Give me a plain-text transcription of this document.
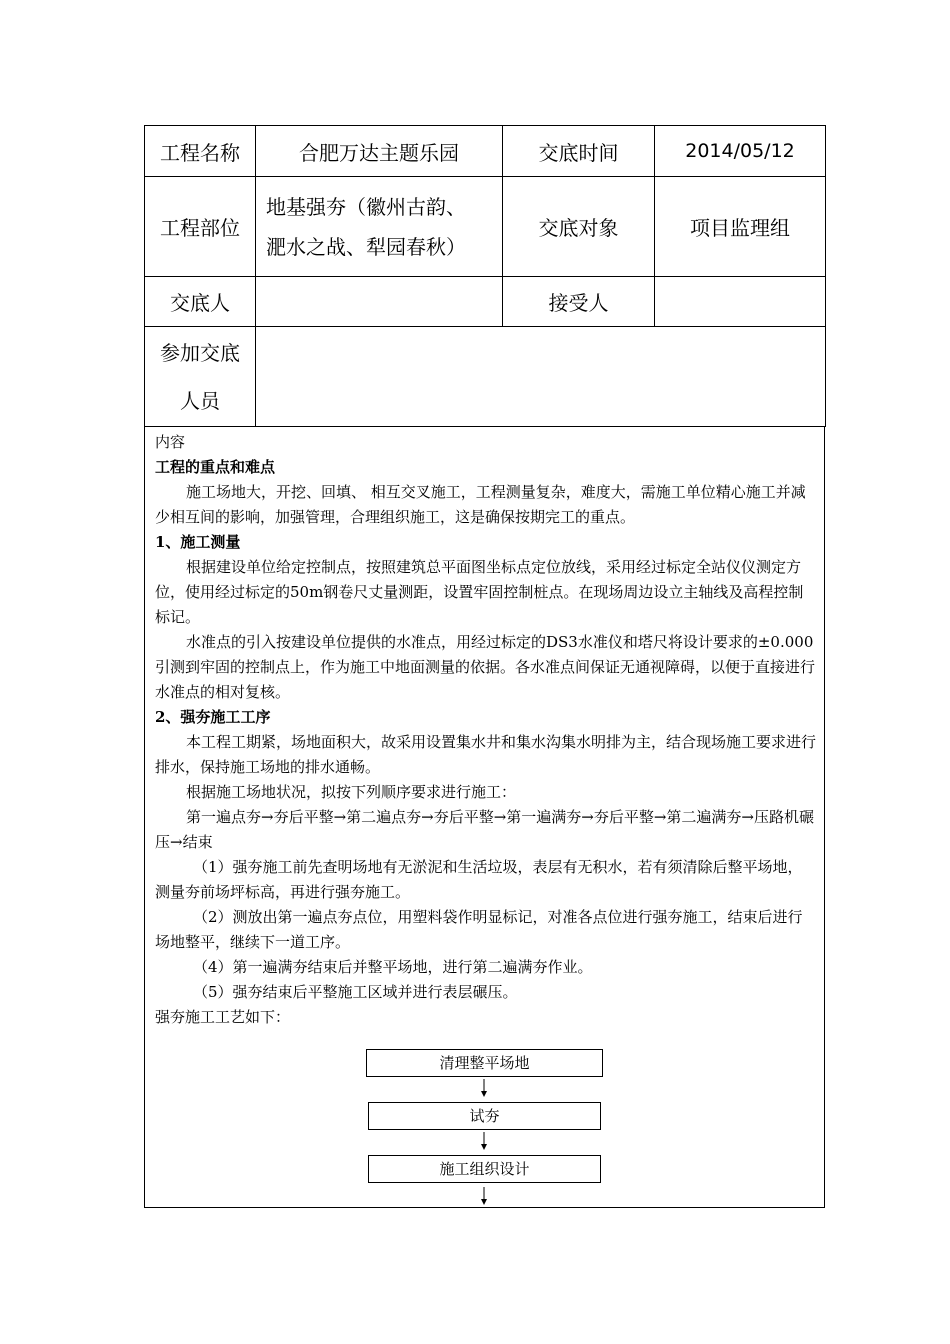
工程名称	合肥万达主题乐园	交底时间	2014/05/12
工程部位	地基强夯（徽州古韵、
淝水之战、犁园春秋）	交底对象	项目监理组
交底人		接受人	

参加交底
人员			

内容

工程的重点和难点

施工场地大，开挖、回填、 相互交叉施工，工程测量复杂，难度大，需施工单位精心施工并减少相互间的影响，加强管理，合理组织施工，这是确保按期完工的重点。

1、施工测量

根据建设单位给定控制点，按照建筑总平面图坐标点定位放线，采用经过标定全站仪仪测定方位，使用经过标定的50m钢卷尺丈量测距，设置牢固控制桩点。在现场周边设立主轴线及高程控制标记。

水准点的引入按建设单位提供的水准点，用经过标定的DS3水准仪和塔尺将设计要求的±0.000引测到牢固的控制点上，作为施工中地面测量的依据。各水准点间保证无通视障碍，以便于直接进行水准点的相对复核。

2、强夯施工工序

本工程工期紧，场地面积大，故采用设置集水井和集水沟集水明排为主，结合现场施工要求进行排水，保持施工场地的排水通畅。

根据施工场地状况，拟按下列顺序要求进行施工：

第一遍点夯→夯后平整→第二遍点夯→夯后平整→第一遍满夯→夯后平整→第二遍满夯→压路机碾压→结束

（1）强夯施工前先查明场地有无淤泥和生活垃圾，表层有无积水，若有须清除后整平场地，测量夯前场坪标高，再进行强夯施工。

（2）测放出第一遍点夯点位，用塑料袋作明显标记，对准各点位进行强夯施工，结束后进行场地整平，继续下一道工序。

（4）第一遍满夯结束后并整平场地，进行第二遍满夯作业。

（5）强夯结束后平整施工区域并进行表层碾压。

强夯施工工艺如下：

清理整平场地
试夯
施工组织设计
